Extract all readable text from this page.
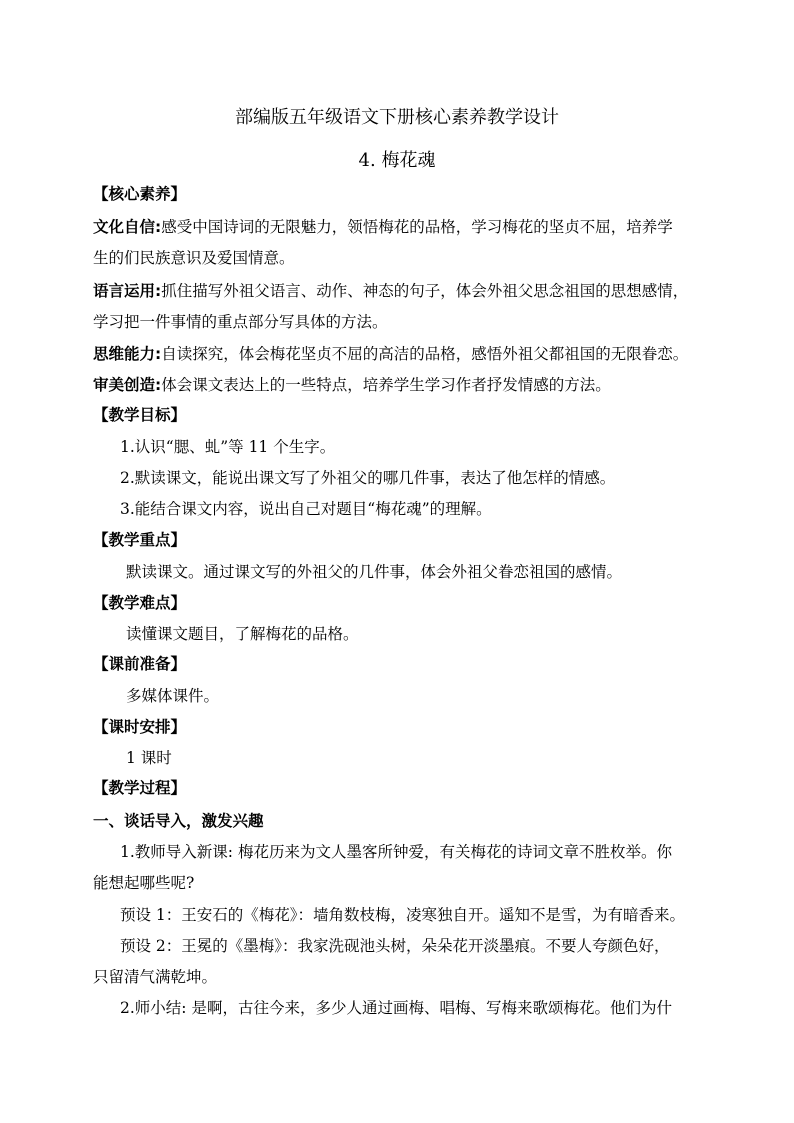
部编版五年级语文下册核心素养教学设计
4. 梅花魂
【核心素养】
文化自信:感受中国诗词的无限魅力，领悟梅花的品格，学习梅花的坚贞不屈，培养学
生的们民族意识及爱国情意。
语言运用:抓住描写外祖父语言、动作、神态的句子，体会外祖父思念祖国的思想感情，
学习把一件事情的重点部分写具体的方法。
思维能力:自读探究，体会梅花坚贞不屈的高洁的品格，感悟外祖父都祖国的无限眷恋。
审美创造:体会课文表达上的一些特点，培养学生学习作者抒发情感的方法。
【教学目标】
1.认识“腮、虬”等 11 个生字。
2.默读课文，能说出课文写了外祖父的哪几件事，表达了他怎样的情感。
3.能结合课文内容，说出自己对题目“梅花魂”的理解。
【教学重点】
默读课文。通过课文写的外祖父的几件事，体会外祖父眷恋祖国的感情。
【教学难点】
读懂课文题目，了解梅花的品格。
【课前准备】
多媒体课件。
【课时安排】
1 课时
【教学过程】
一、谈话导入，激发兴趣
1.教师导入新课: 梅花历来为文人墨客所钟爱，有关梅花的诗词文章不胜枚举。你
能想起哪些呢?
预设 1：王安石的《梅花》：墙角数枝梅，凌寒独自开。遥知不是雪，为有暗香来。
预设 2：王冕的《墨梅》：我家洗砚池头树，朵朵花开淡墨痕。不要人夸颜色好，
只留清气满乾坤。
2.师小结: 是啊，古往今来，多少人通过画梅、唱梅、写梅来歌颂梅花。他们为什
